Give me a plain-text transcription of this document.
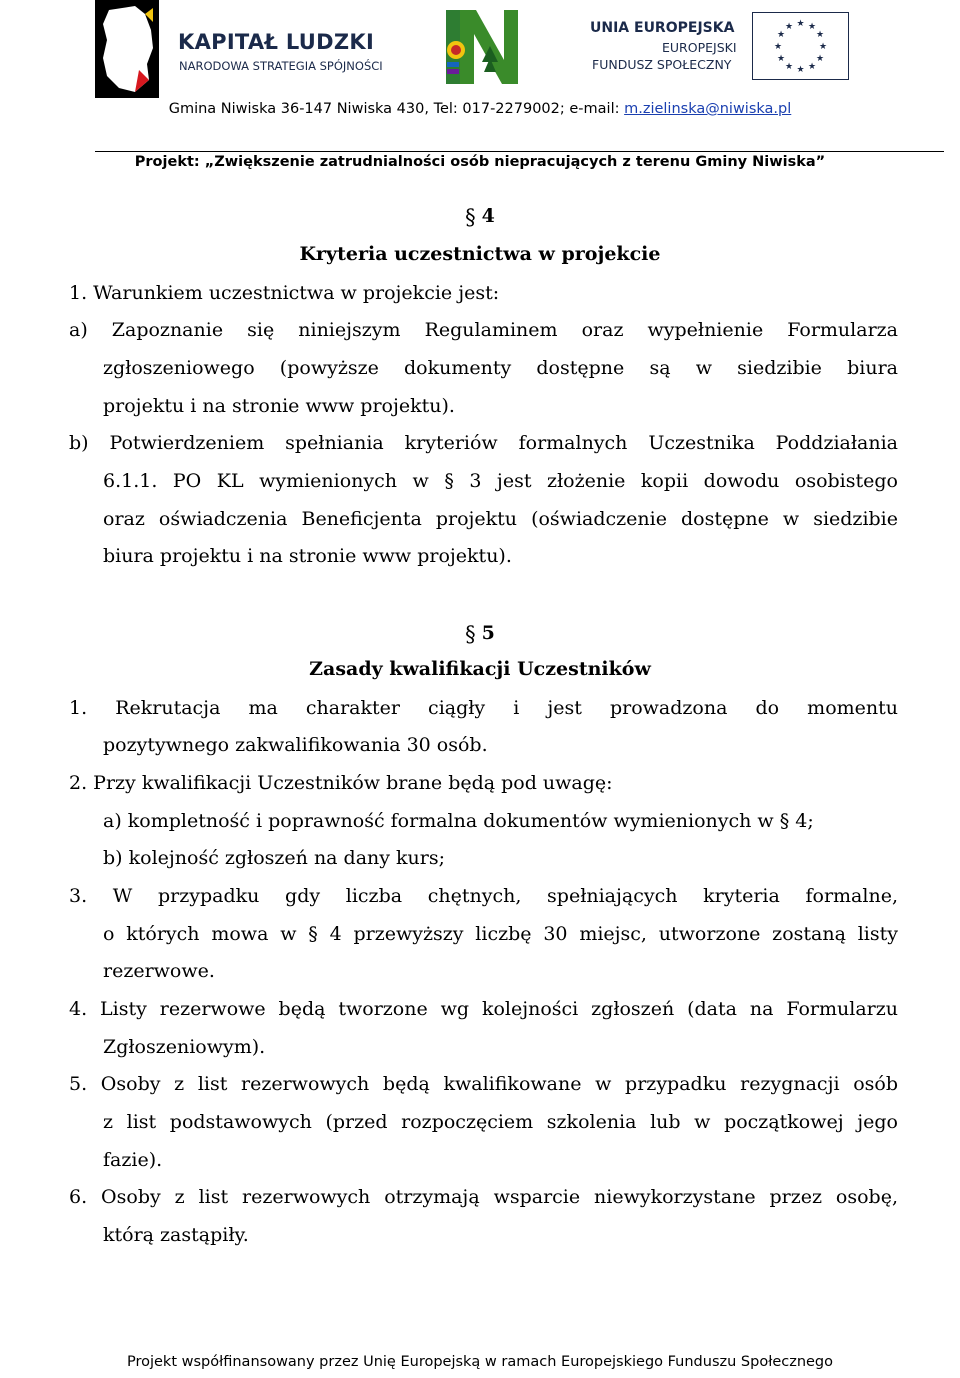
KAPITAŁ LUDZKI
NARODOWA STRATEGIA SPÓJNOŚCI
UNIA EUROPEJSKA
EUROPEJSKI
FUNDUSZ SPOŁECZNY
★ ★
★
★
★
★
★
★
★
★
★
★
Gmina Niwiska 36-147 Niwiska 430, Tel: 017-2279002; e-mail: m.zielinska@niwiska.pl
Projekt: „Zwiększenie zatrudnialności osób niepracujących z terenu Gminy Niwiska”
§ 4
Kryteria uczestnictwa w projekcie
1. Warunkiem uczestnictwa w projekcie jest:
a) Zapoznanie się niniejszym Regulaminem oraz wypełnienie Formularza
zgłoszeniowego (powyższe dokumenty dostępne są w siedzibie biura
projektu i na stronie www projektu).
b) Potwierdzeniem spełniania kryteriów formalnych Uczestnika Poddziałania
6.1.1. PO KL wymienionych w § 3 jest złożenie kopii dowodu osobistego
oraz oświadczenia Beneficjenta projektu (oświadczenie dostępne w siedzibie
biura projektu i na stronie www projektu).
§ 5
Zasady kwalifikacji Uczestników
1. Rekrutacja ma charakter ciągły i jest prowadzona do momentu
pozytywnego zakwalifikowania 30 osób.
2. Przy kwalifikacji Uczestników brane będą pod uwagę:
a) kompletność i poprawność formalna dokumentów wymienionych w § 4;
b) kolejność zgłoszeń na dany kurs;
3. W przypadku gdy liczba chętnych, spełniających kryteria formalne,
o których mowa w § 4 przewyższy liczbę 30 miejsc, utworzone zostaną listy
rezerwowe.
4. Listy rezerwowe będą tworzone wg kolejności zgłoszeń (data na Formularzu
Zgłoszeniowym).
5. Osoby z list rezerwowych będą kwalifikowane w przypadku rezygnacji osób
z list podstawowych (przed rozpoczęciem szkolenia lub w początkowej jego
fazie).
6. Osoby z list rezerwowych otrzymają wsparcie niewykorzystane przez osobę,
którą zastąpiły.
Projekt współfinansowany przez Unię Europejską w ramach Europejskiego Funduszu Społecznego
